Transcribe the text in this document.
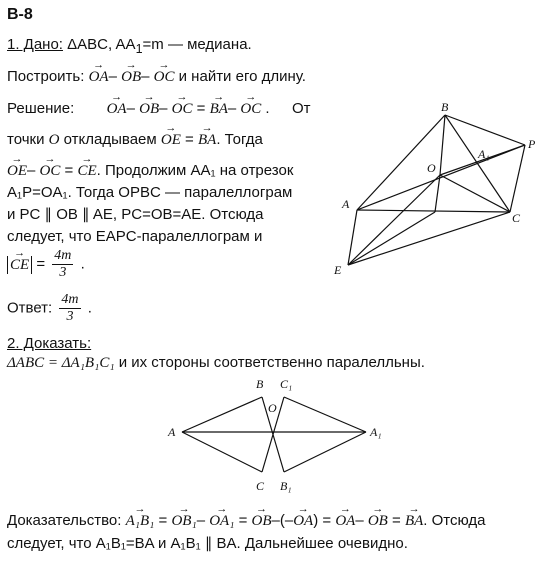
В-8
1. Дано: ΔABC, $AA_1=m$ — медиана.
Построить: → OA– → OB– → OC и найти его длину.
Решение: → OA– → OB– → OC = → BA– → OC . От
точки O откладываем → OE = → BA. Тогда
→ OE– → OC = → CE. Продолжим AA₁ на отрезок
A₁P=OA₁. Тогда OPBC — паралеллограм
и PC ∥ OB ∥ AE, PC=OB=AE. Отсюда
следует, что EAPC-паралеллограм и
→ CE = $\frac{4m}{3}$ .
Ответ: $\frac{4m}{3}$ .
B
A₁
P
O
A
C
E
2. Доказать:
ΔABC = ΔA₁B₁C₁ и их стороны соответственно паралелльны.
B C₁
O
A	A₁
C B₁
Доказательство: → A₁B₁ = → OB₁– → OA₁ = → OB–(–→ OA) = → OA– → OB = → BA. Отсюда
следует, что A₁B₁=BA и A₁B₁ ∥ BA. Дальнейшее очевидно.
